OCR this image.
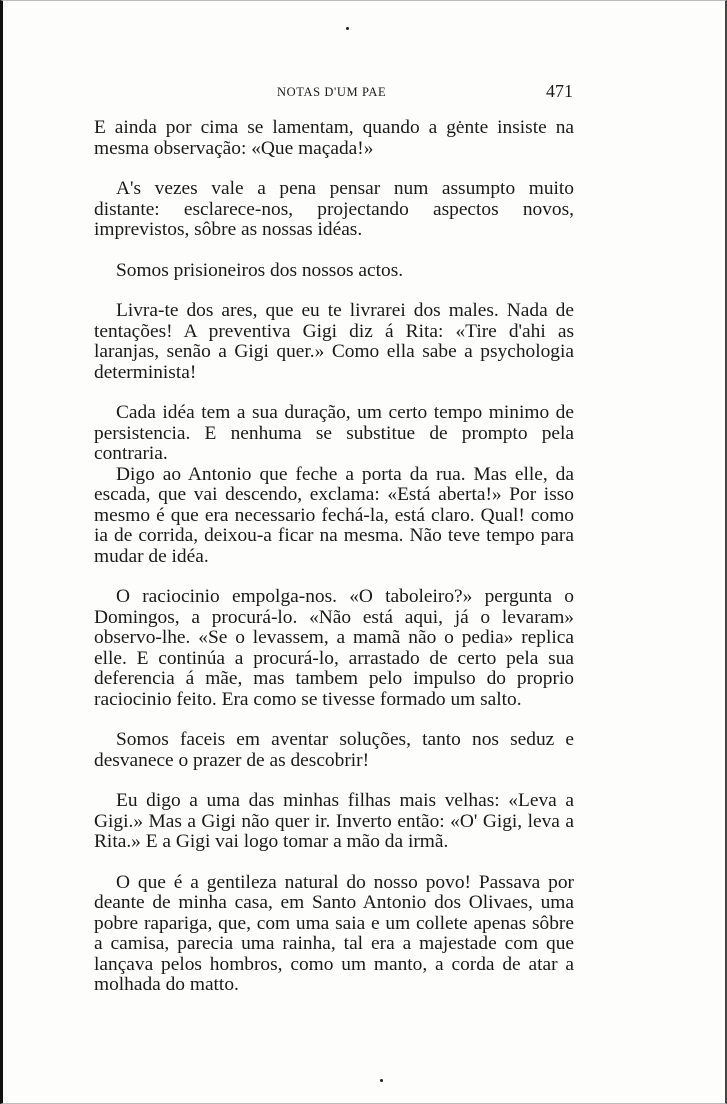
NOTAS D'UM PAE	471

E ainda por cima se lamentam, quando a gente insiste na mesma observação: «Que maçada!»

A's vezes vale a pena pensar num assumpto muito distante: esclarece-nos, projectando aspectos novos, imprevistos, sôbre as nossas idéas.

Somos prisioneiros dos nossos actos.

Livra-te dos ares, que eu te livrarei dos males. Nada de tentações! A preventiva Gigi diz á Rita: «Tire d'ahi as laranjas, senão a Gigi quer.» Como ella sabe a psychologia determinista!

Cada idéa tem a sua duração, um certo tempo minimo de persistencia. E nenhuma se substitue de prompto pela contraria.

Digo ao Antonio que feche a porta da rua. Mas elle, da escada, que vai descendo, exclama: «Está aberta!» Por isso mesmo é que era necessario fechá-la, está claro. Qual! como ia de corrida, deixou-a ficar na mesma. Não teve tempo para mudar de idéa.

O raciocinio empolga-nos. «O taboleiro?» pergunta o Domingos, a procurá-lo. «Não está aqui, já o levaram» observo-lhe. «Se o levassem, a mamã não o pedia» replica elle. E continúa a procurá-lo, arrastado de certo pela sua deferencia á mãe, mas tambem pelo impulso do proprio raciocinio feito. Era como se tivesse formado um salto.

Somos faceis em aventar soluções, tanto nos seduz e desvanece o prazer de as descobrir!

Eu digo a uma das minhas filhas mais velhas: «Leva a Gigi.» Mas a Gigi não quer ir. Inverto então: «O' Gigi, leva a Rita.» E a Gigi vai logo tomar a mão da irmã.

O que é a gentileza natural do nosso povo! Passava por deante de minha casa, em Santo Antonio dos Olivaes, uma pobre rapariga, que, com uma saia e um collete apenas sôbre a camisa, parecia uma rainha, tal era a majestade com que lançava pelos hombros, como um manto, a corda de atar a molhada do matto.
